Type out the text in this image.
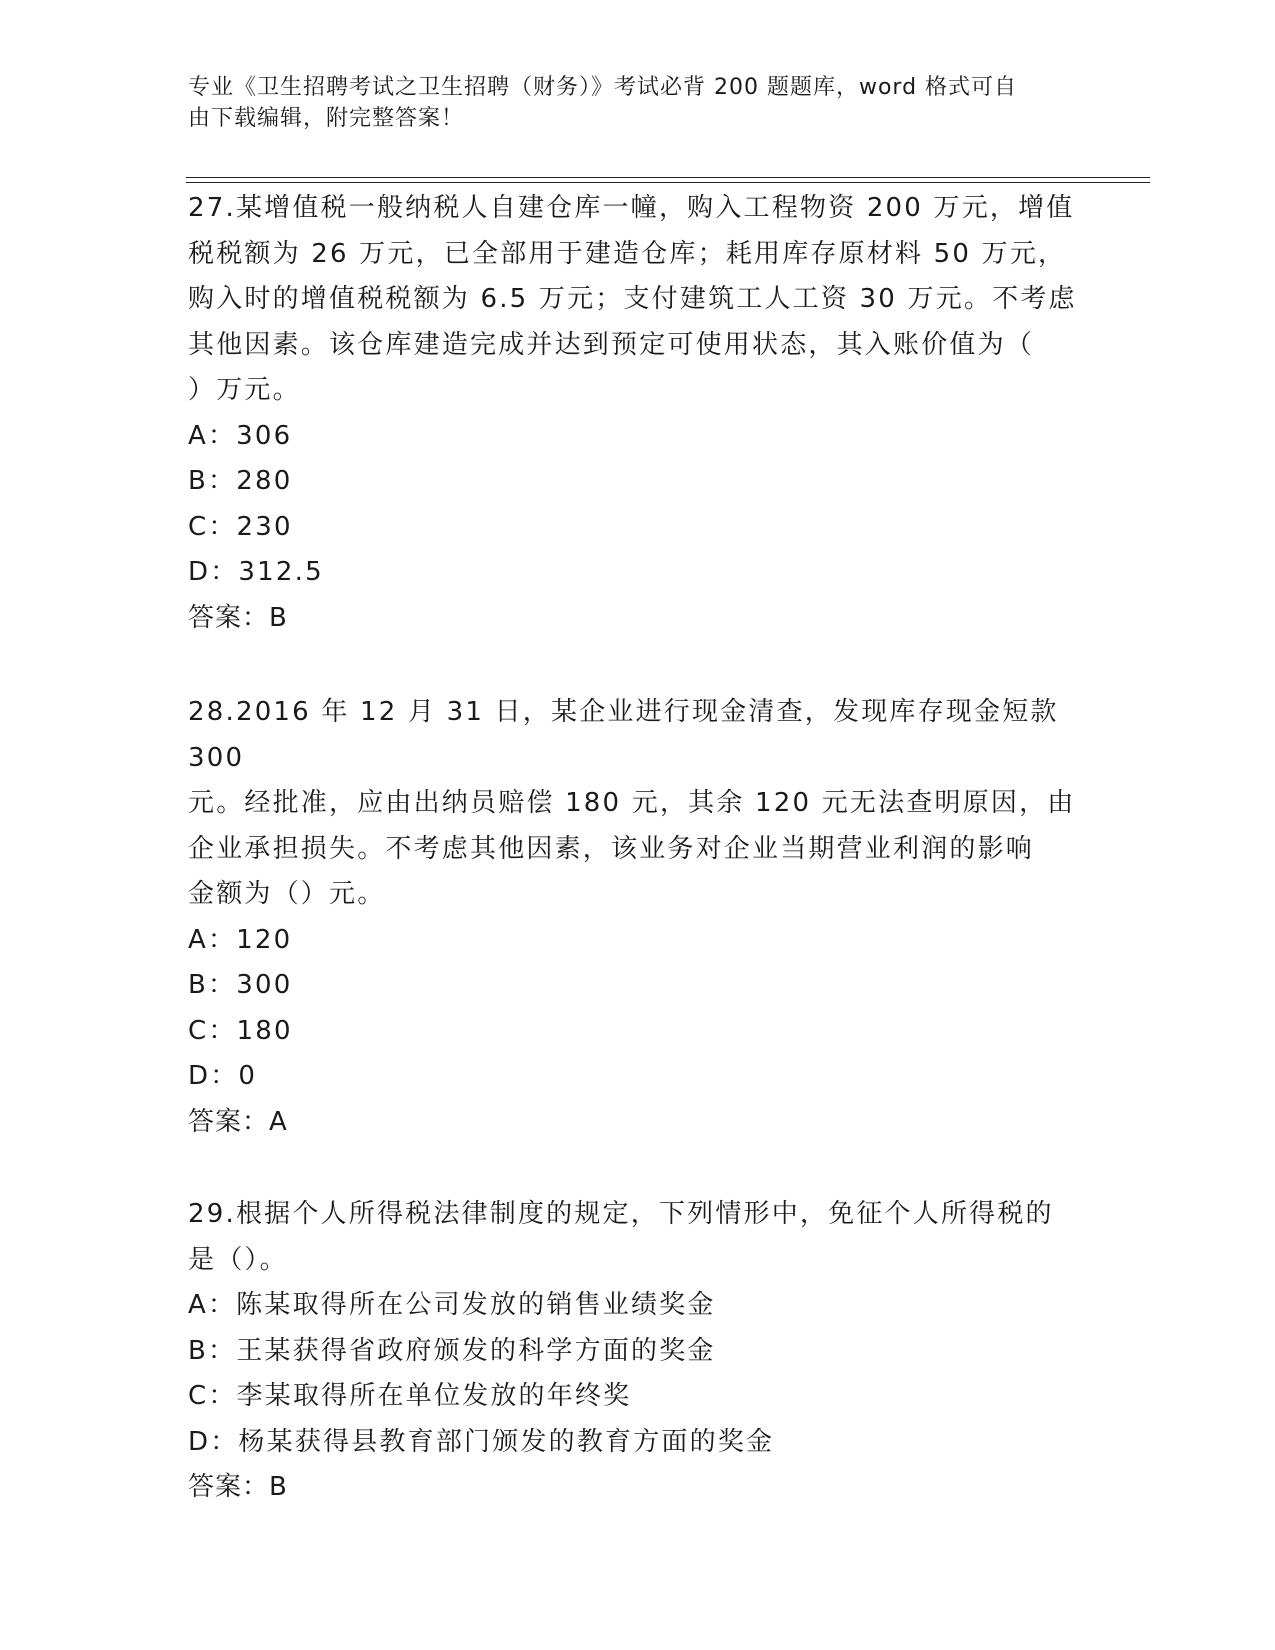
专业《卫生招聘考试之卫生招聘（财务）》考试必背 200 题题库，word 格式可自
由下载编辑，附完整答案！

27.某增值税一般纳税人自建仓库一幢，购入工程物资 200 万元，增值

税税额为 26 万元，已全部用于建造仓库；耗用库存原材料 50 万元，

购入时的增值税税额为 6.5 万元；支付建筑工人工资 30 万元。不考虑

其他因素。该仓库建造完成并达到预定可使用状态，其入账价值为（

）万元。

A：306

B：280

C：230

D：312.5

答案：B

28.2016 年 12 月 31 日，某企业进行现金清查，发现库存现金短款 300

元。经批准，应由出纳员赔偿 180 元，其余 120 元无法查明原因，由

企业承担损失。不考虑其他因素，该业务对企业当期营业利润的影响

金额为（）元。

A：120

B：300

C：180

D：0

答案：A

29.根据个人所得税法律制度的规定，下列情形中，免征个人所得税的

是（）。

A：陈某取得所在公司发放的销售业绩奖金

B：王某获得省政府颁发的科学方面的奖金

C：李某取得所在单位发放的年终奖

D：杨某获得县教育部门颁发的教育方面的奖金

答案：B
